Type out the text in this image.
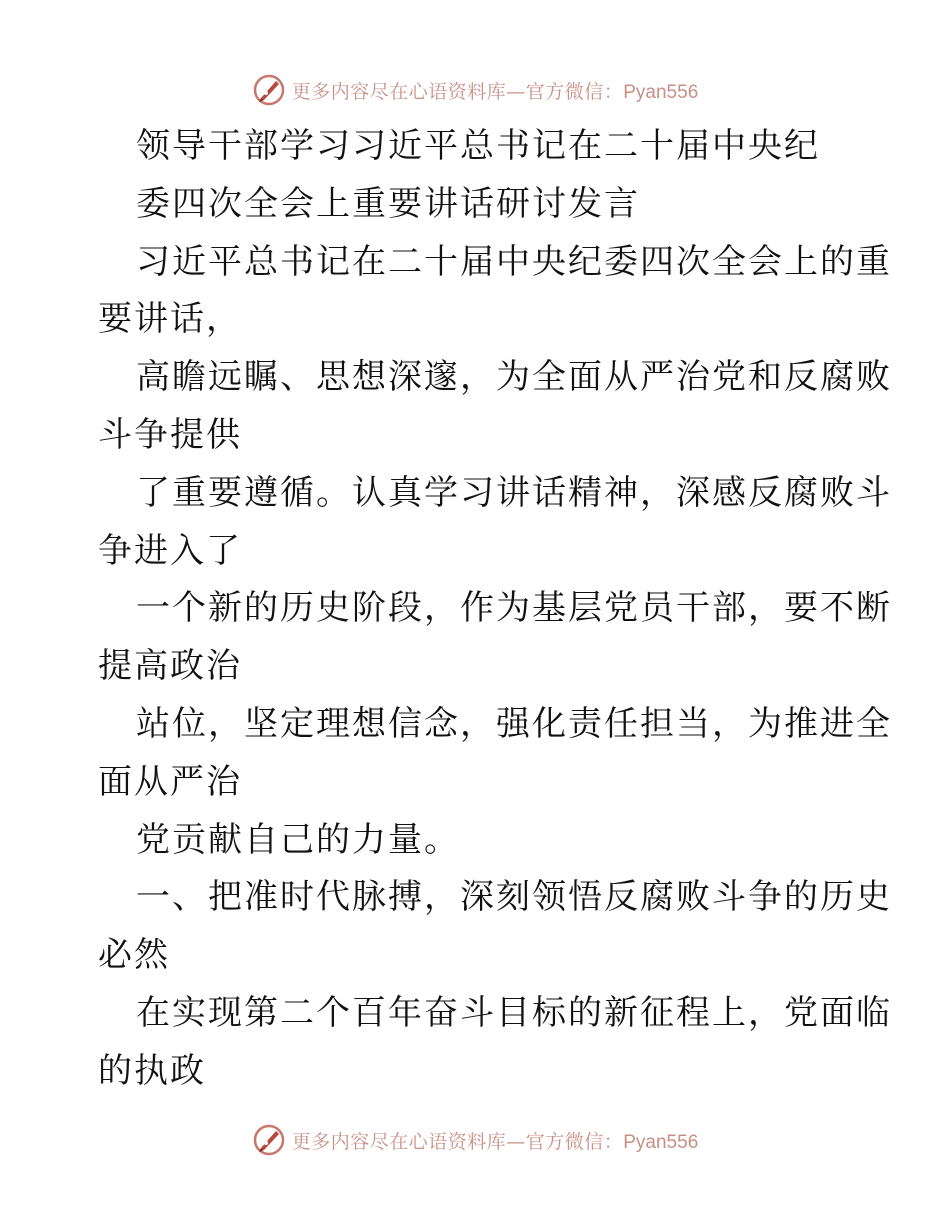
更多内容尽在心语资料库—官方微信：Pyan556
领导干部学习习近平总书记在二十届中央纪
委四次全会上重要讲话研讨发言
习近平总书记在二十届中央纪委四次全会上的重
要讲话，
高瞻远瞩、思想深邃，为全面从严治党和反腐败
斗争提供
了重要遵循。认真学习讲话精神，深感反腐败斗
争进入了
一个新的历史阶段，作为基层党员干部，要不断
提高政治
站位，坚定理想信念，强化责任担当，为推进全
面从严治
党贡献自己的力量。
一、把准时代脉搏，深刻领悟反腐败斗争的历史
必然
在实现第二个百年奋斗目标的新征程上，党面临
的执政
更多内容尽在心语资料库—官方微信：Pyan556
